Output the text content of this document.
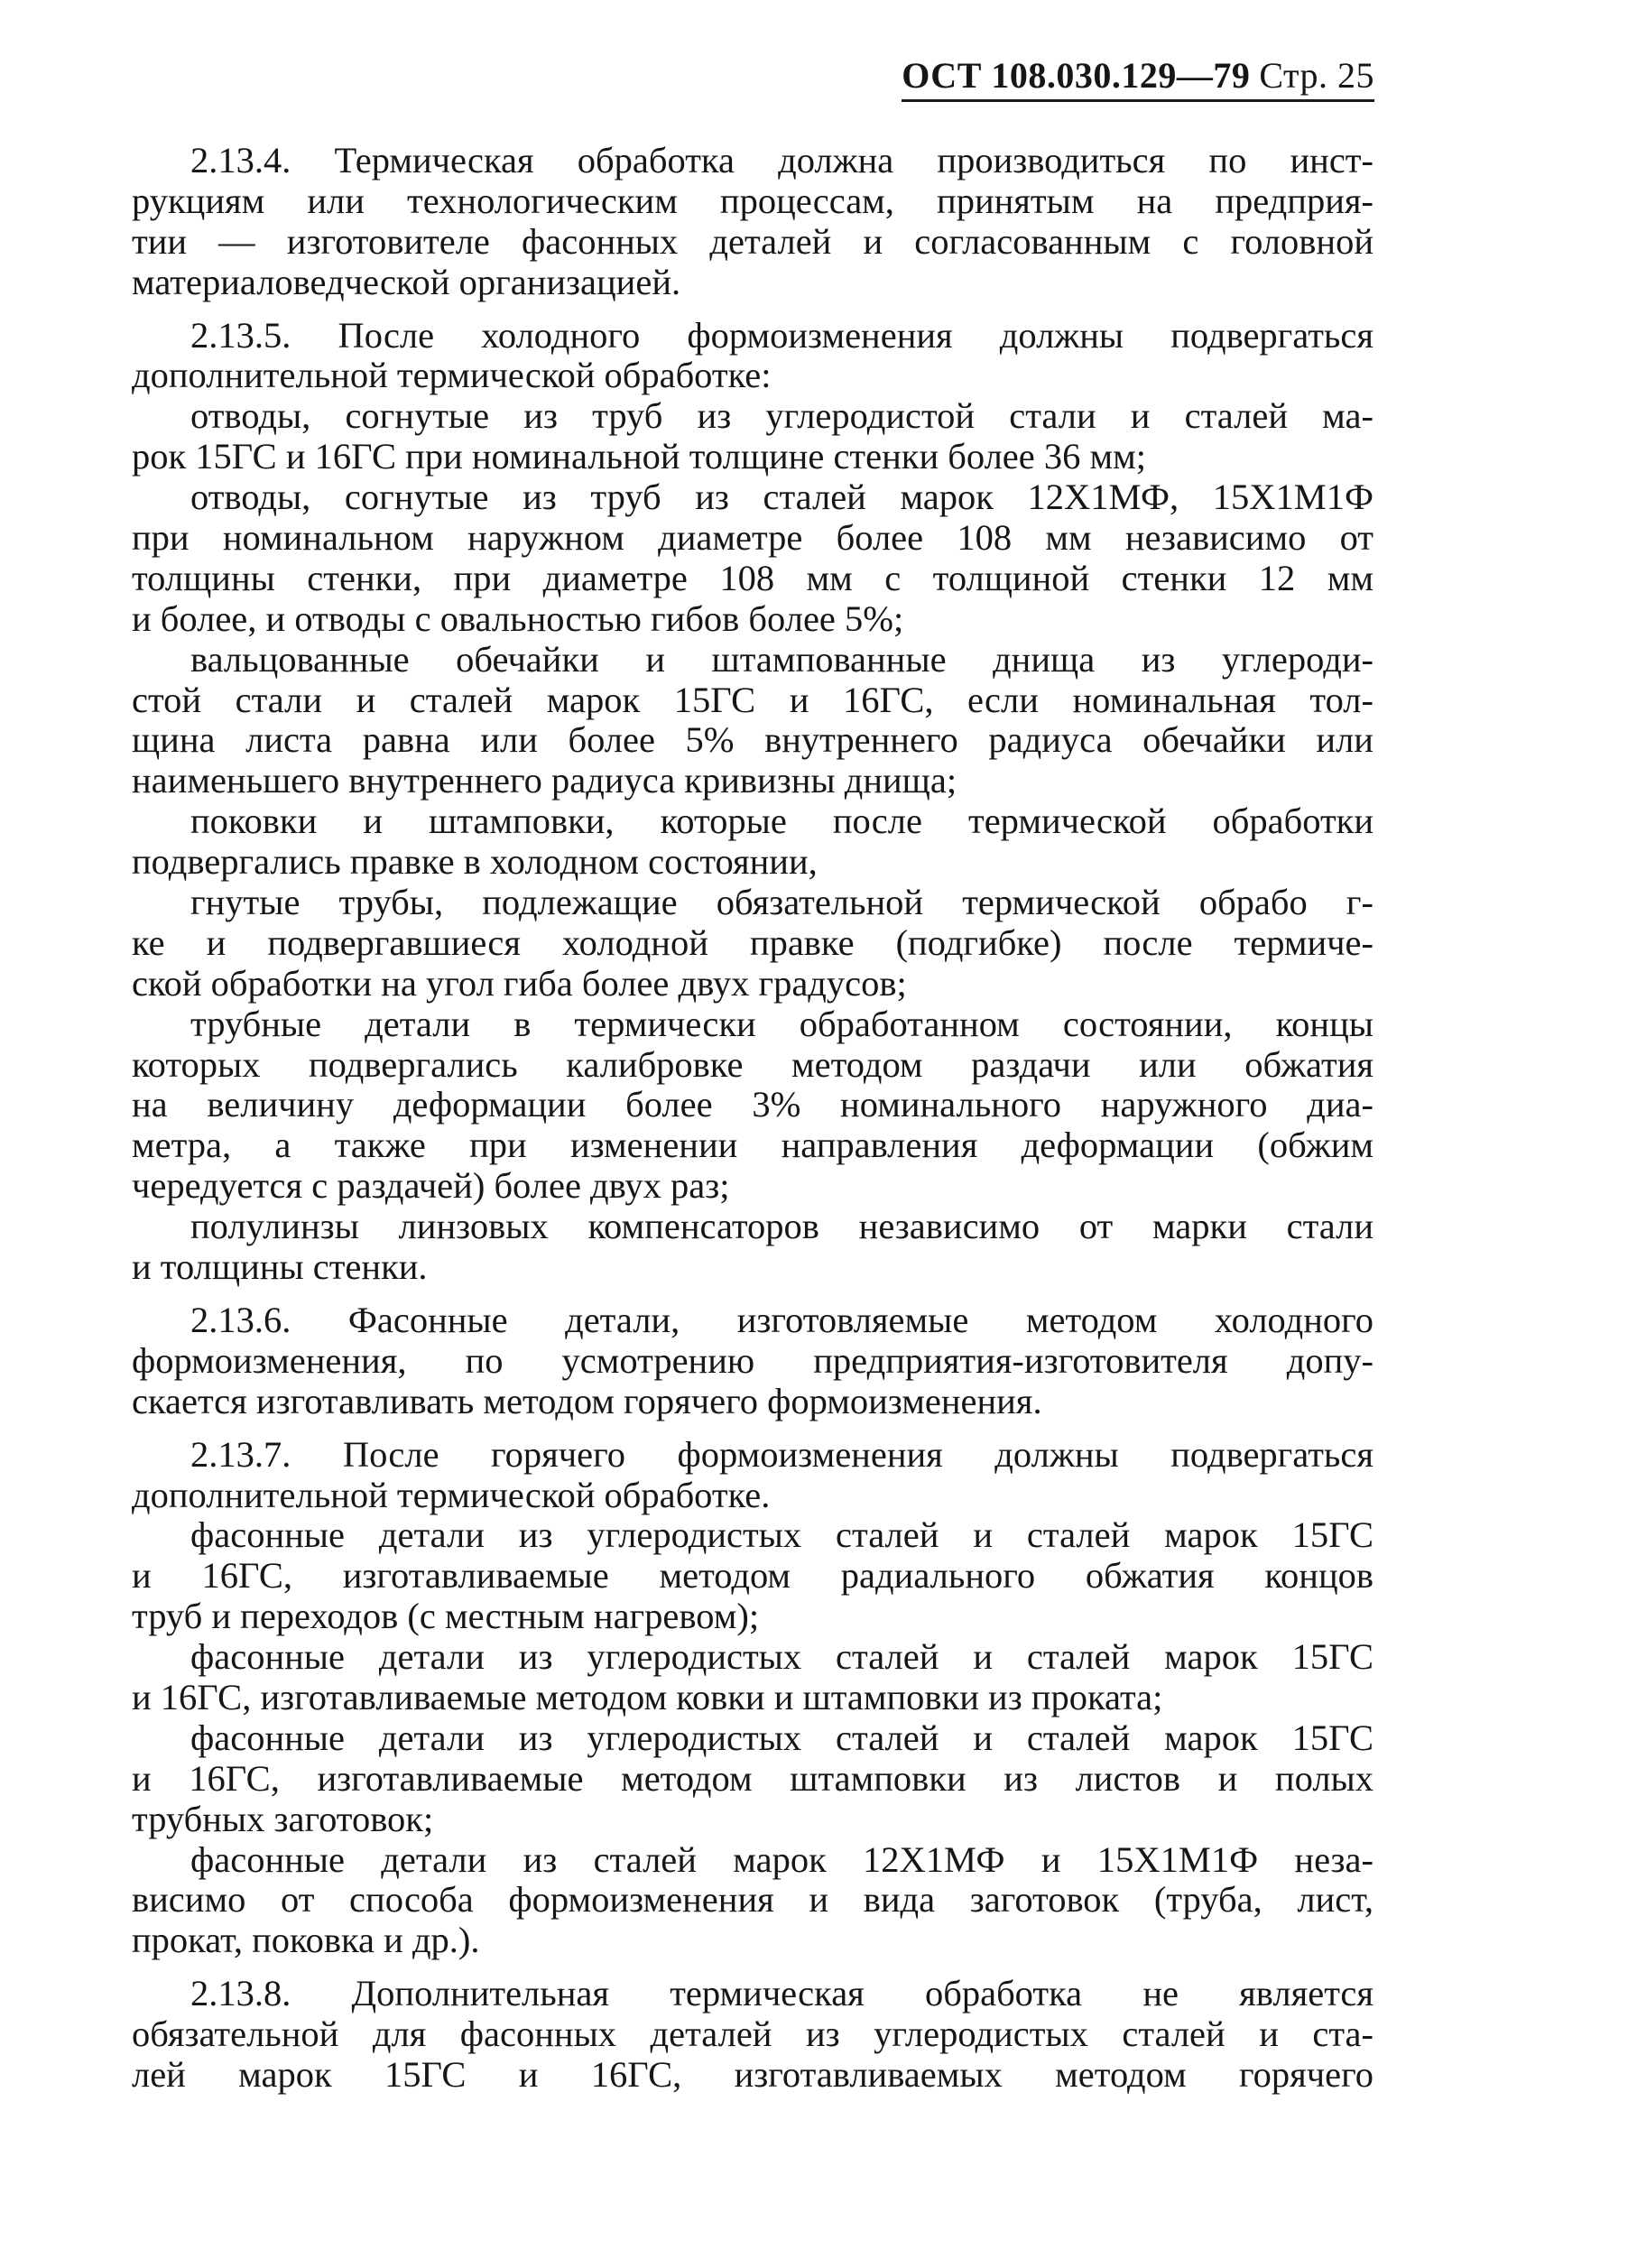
ОСТ 108.030.129—79 Стр. 25
2.13.4. Термическая обработка должна производиться по инст-
рукциям или технологическим процессам, принятым на предприя-
тии — изготовителе фасонных деталей и согласованным с головной
материаловедческой организацией.
2.13.5. После холодного формоизменения должны подвергаться
дополнительной термической обработке:
отводы, согнутые из труб из углеродистой стали и сталей ма-
рок 15ГС и 16ГС при номинальной толщине стенки более 36 мм;
отводы, согнутые из труб из сталей марок 12Х1МФ, 15Х1М1Ф
при номинальном наружном диаметре более 108 мм независимо от
толщины стенки, при диаметре 108 мм с толщиной стенки 12 мм
и более, и отводы с овальностью гибов более 5%;
вальцованные обечайки и штампованные днища из углероди-
стой стали и сталей марок 15ГС и 16ГС, если номинальная тол-
щина листа равна или более 5% внутреннего радиуса обечайки или
наименьшего внутреннего радиуса кривизны днища;
поковки и штамповки, которые после термической обработки
подвергались правке в холодном состоянии,
гнутые трубы, подлежащие обязательной термической обрабо г-
ке и подвергавшиеся холодной правке (подгибке) после термиче-
ской обработки на угол гиба более двух градусов;
трубные детали в термически обработанном состоянии, концы
которых подвергались калибровке методом раздачи или обжатия
на величину деформации более 3% номинального наружного диа-
метра, а также при изменении направления деформации (обжим
чередуется с раздачей) более двух раз;
полулинзы линзовых компенсаторов независимо от марки стали
и толщины стенки.
2.13.6. Фасонные детали, изготовляемые методом холодного
формоизменения, по усмотрению предприятия-изготовителя допу-
скается изготавливать методом горячего формоизменения.
2.13.7. После горячего формоизменения должны подвергаться
дополнительной термической обработке.
фасонные детали из углеродистых сталей и сталей марок 15ГС
и 16ГС, изготавливаемые методом радиального обжатия концов
труб и переходов (с местным нагревом);
фасонные детали из углеродистых сталей и сталей марок 15ГС
и 16ГС, изготавливаемые методом ковки и штамповки из проката;
фасонные детали из углеродистых сталей и сталей марок 15ГС
и 16ГС, изготавливаемые методом штамповки из листов и полых
трубных заготовок;
фасонные детали из сталей марок 12Х1МФ и 15Х1М1Ф неза-
висимо от способа формоизменения и вида заготовок (труба, лист,
прокат, поковка и др.).
2.13.8. Дополнительная термическая обработка не является
обязательной для фасонных деталей из углеродистых сталей и ста-
лей марок 15ГС и 16ГС, изготавливаемых методом горячего
